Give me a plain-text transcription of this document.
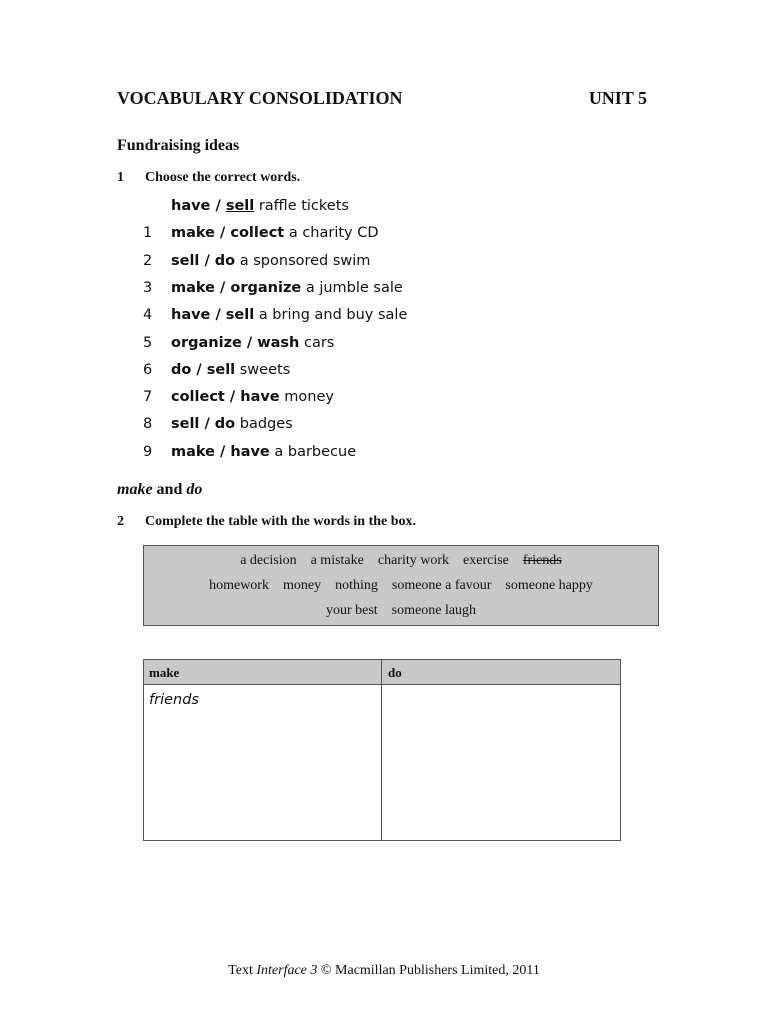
VOCABULARY CONSOLIDATION	UNIT 5
Fundraising ideas
1 Choose the correct words.
have / sell raffle tickets
1	make / collect a charity CD
2	sell / do a sponsored swim
3	make / organize a jumble sale
4	have / sell a bring and buy sale
5	organize / wash cars
6	do / sell sweets
7	collect / have money
8	sell / do badges
9	make / have a barbecue
make and do
2 Complete the table with the words in the box.
a decision a mistake charity work exercise friends
homework money nothing someone a favour someone happy
your best someone laugh
make	do
friends
Text Interface 3 © Macmillan Publishers Limited, 2011
